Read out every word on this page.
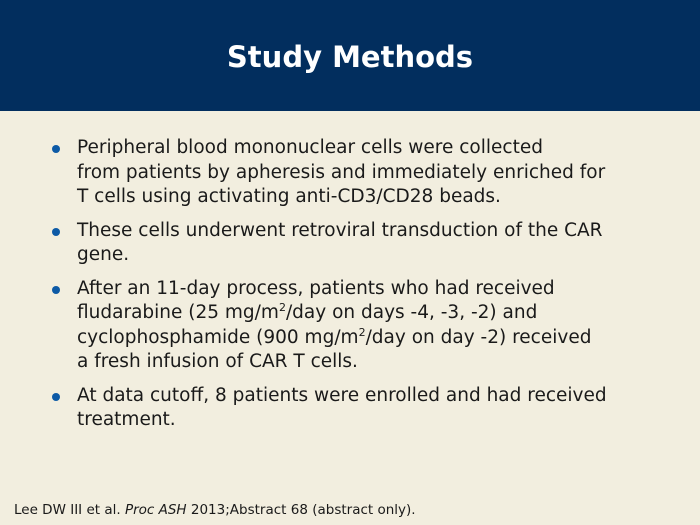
Study Methods
Peripheral blood mononuclear cells were collected
from patients by apheresis and immediately enriched for
T cells using activating anti-CD3/CD28 beads.
These cells underwent retroviral transduction of the CAR
gene.
After an 11-day process, patients who had received
fludarabine (25 $mg/m^2$/day on days -4, -3, -2) and
cyclophosphamide (900 $mg/m^2$/day on day -2) received
a fresh infusion of CAR T cells.
At data cutoff, 8 patients were enrolled and had received
treatment.
Lee DW III et al. Proc ASH 2013;Abstract 68 (abstract only).
